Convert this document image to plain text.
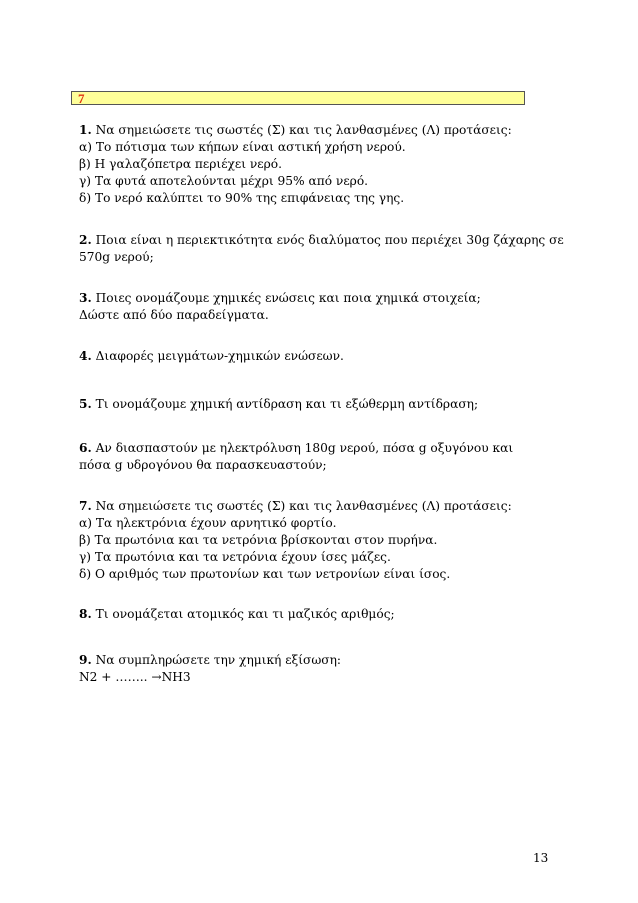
7

1. Να σημειώσετε τις σωστές (Σ) και τις λανθασμένες (Λ) προτάσεις:

α) Το πότισμα των κήπων είναι αστική χρήση νερού.

β) Η γαλαζόπετρα περιέχει νερό.

γ) Τα φυτά αποτελούνται μέχρι 95% από νερό.

δ) Το νερό καλύπτει το 90% της επιφάνειας της γης.

2. Ποια είναι η περιεκτικότητα ενός διαλύματος που περιέχει 30g ζάχαρης σε

570g νερού;

3. Ποιες ονομάζουμε χημικές ενώσεις και ποια χημικά στοιχεία;

Δώστε από δύο παραδείγματα.

4. Διαφορές μειγμάτων-χημικών ενώσεων.

5. Τι ονομάζουμε χημική αντίδραση και τι εξώθερμη αντίδραση;

6. Αν διασπαστούν με ηλεκτρόλυση 180g νερού, πόσα g οξυγόνου και

πόσα g υδρογόνου θα παρασκευαστούν;

7. Να σημειώσετε τις σωστές (Σ) και τις λανθασμένες (Λ) προτάσεις:

α) Τα ηλεκτρόνια έχουν αρνητικό φορτίο.

β) Τα πρωτόνια και τα νετρόνια βρίσκονται στον πυρήνα.

γ) Τα πρωτόνια και τα νετρόνια έχουν ίσες μάζες.

δ) Ο αριθμός των πρωτονίων και των νετρονίων είναι ίσος.

8. Τι ονομάζεται ατομικός και τι μαζικός αριθμός;

9. Να συμπληρώσετε την χημική εξίσωση:

N2 + …….. →NH3

13
